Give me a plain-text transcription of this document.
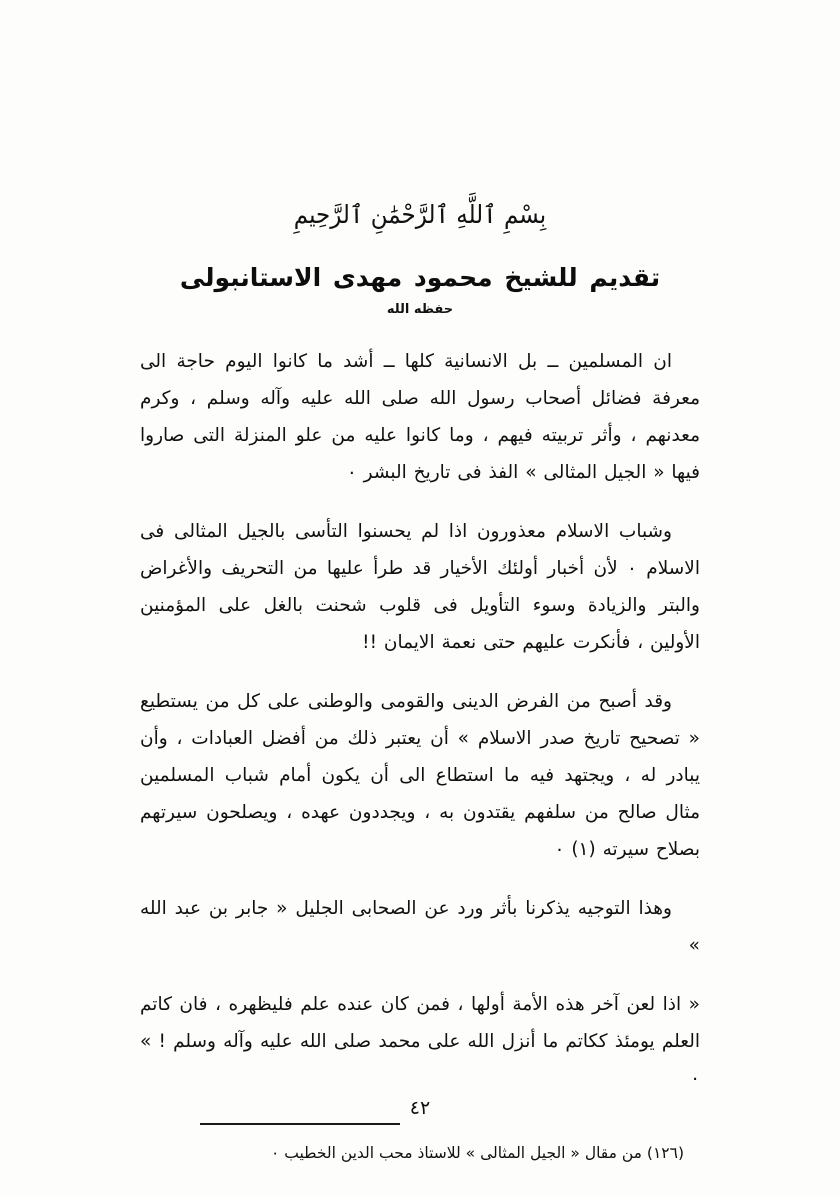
بِسْمِ ٱللَّهِ ٱلرَّحْمَٰنِ ٱلرَّحِيمِ
تقديم للشيخ محمود مهدى الاستانبولى
حفظه الله

ان المسلمين ــ بل الانسانية كلها ــ أشد ما كانوا اليوم حاجة الى معرفة فضائل أصحاب رسول الله صلى الله عليه وآله وسلم ، وكرم معدنهم ، وأثر تربيته فيهم ، وما كانوا عليه من علو المنزلة التى صاروا فيها « الجيل المثالى » الفذ فى تاريخ البشر ٠

وشباب الاسلام معذورون اذا لم يحسنوا التأسى بالجيل المثالى فى الاسلام ٠ لأن أخبار أولئك الأخيار قد طرأ عليها من التحريف والأغراض والبتر والزيادة وسوء التأويل فى قلوب شحنت بالغل على المؤمنين الأولين ، فأنكرت عليهم حتى نعمة الايمان !!

وقد أصبح من الفرض الدينى والقومى والوطنى على كل من يستطيع « تصحيح تاريخ صدر الاسلام » أن يعتبر ذلك من أفضل العبادات ، وأن يبادر له ، ويجتهد فيه ما استطاع الى أن يكون أمام شباب المسلمين مثال صالح من سلفهم يقتدون به ، ويجددون عهده ، ويصلحون سيرتهم بصلاح سيرته (١) ٠

وهذا التوجيه يذكرنا بأثر ورد عن الصحابى الجليل « جابر بن عبد الله »

« اذا لعن آخر هذه الأمة أولها ، فمن كان عنده علم فليظهره ، فان كاتم العلم يومئذ ككاتم ما أنزل الله على محمد صلى الله عليه وآله وسلم ! » ٠

(١٢٦) من مقال « الجيل المثالى » للاستاذ محب الدين الخطيب ٠

٤٢
